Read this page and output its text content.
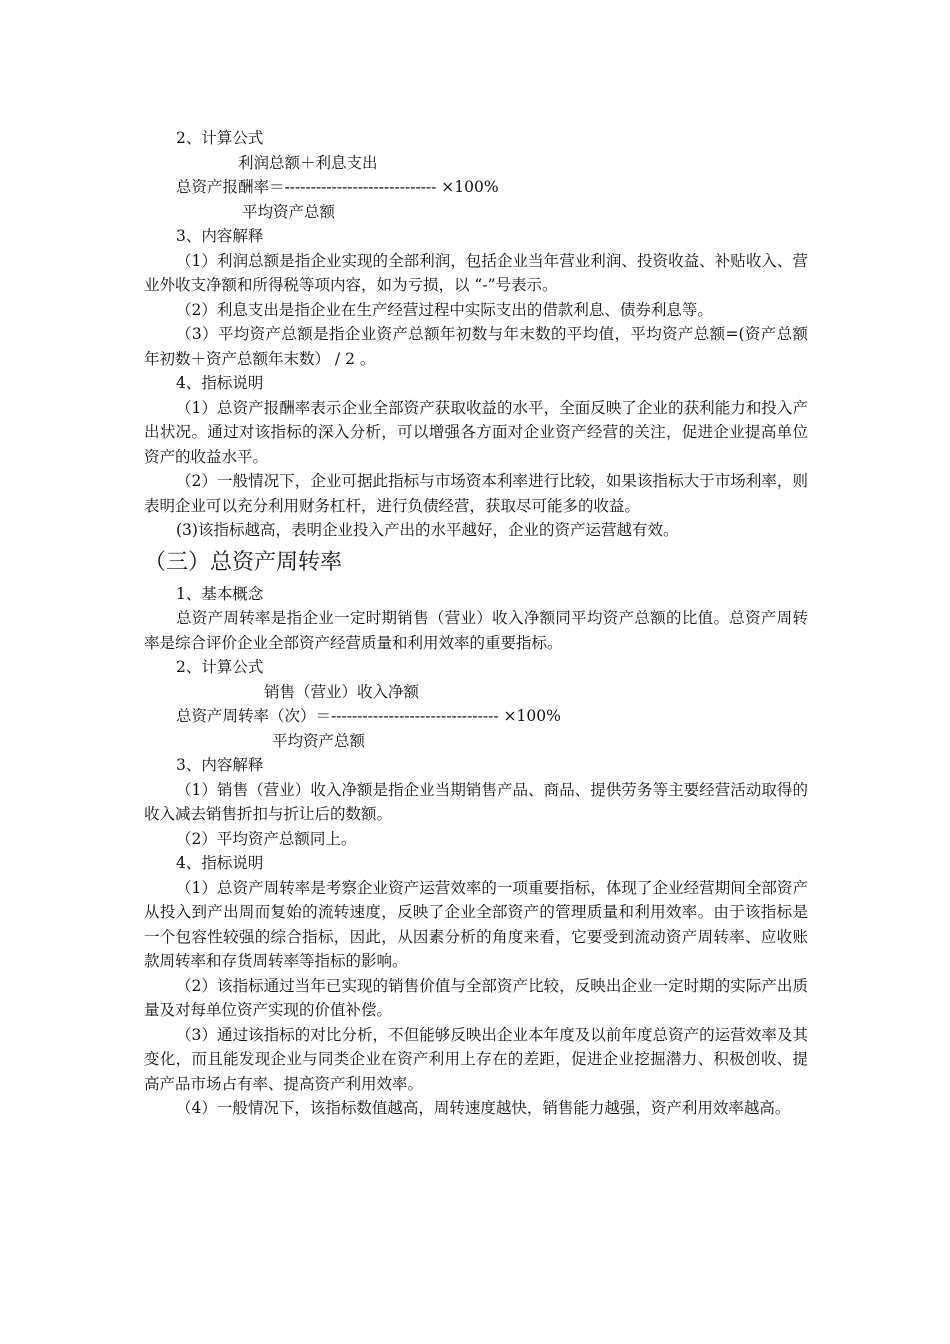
2、计算公式
利润总额＋利息支出
总资产报酬率＝----------------------------- ×100%
平均资产总额
3、内容解释

（1）利润总额是指企业实现的全部利润，包括企业当年营业利润、投资收益、补贴收入、营业外收支净额和所得税等项内容，如为亏损，以 “-”号表示。

（2）利息支出是指企业在生产经营过程中实际支出的借款利息、债券利息等。

（3）平均资产总额是指企业资产总额年初数与年末数的平均值，平均资产总额=(资产总额年初数＋资产总额年末数） / 2 。

4、指标说明

（1）总资产报酬率表示企业全部资产获取收益的水平，全面反映了企业的获利能力和投入产出状况。通过对该指标的深入分析，可以增强各方面对企业资产经营的关注，促进企业提高单位资产的收益水平。

（2）一般情况下，企业可据此指标与市场资本利率进行比较，如果该指标大于市场利率，则表明企业可以充分利用财务杠杆，进行负债经营，获取尽可能多的收益。

(3)该指标越高，表明企业投入产出的水平越好，企业的资产运营越有效。

（三）总资产周转率
1、基本概念

总资产周转率是指企业一定时期销售（营业）收入净额同平均资产总额的比值。总资产周转率是综合评价企业全部资产经营质量和利用效率的重要指标。

2、计算公式
销售（营业）收入净额
总资产周转率（次）＝-------------------------------- ×100%
平均资产总额
3、内容解释

（1）销售（营业）收入净额是指企业当期销售产品、商品、提供劳务等主要经营活动取得的收入减去销售折扣与折让后的数额。

（2）平均资产总额同上。

4、指标说明

（1）总资产周转率是考察企业资产运营效率的一项重要指标，体现了企业经营期间全部资产从投入到产出周而复始的流转速度，反映了企业全部资产的管理质量和利用效率。由于该指标是一个包容性较强的综合指标，因此，从因素分析的角度来看，它要受到流动资产周转率、应收账款周转率和存货周转率等指标的影响。

（2）该指标通过当年已实现的销售价值与全部资产比较，反映出企业一定时期的实际产出质量及对每单位资产实现的价值补偿。

（3）通过该指标的对比分析，不但能够反映出企业本年度及以前年度总资产的运营效率及其变化，而且能发现企业与同类企业在资产利用上存在的差距，促进企业挖掘潜力、积极创收、提高产品市场占有率、提高资产利用效率。

（4）一般情况下，该指标数值越高，周转速度越快，销售能力越强，资产利用效率越高。
